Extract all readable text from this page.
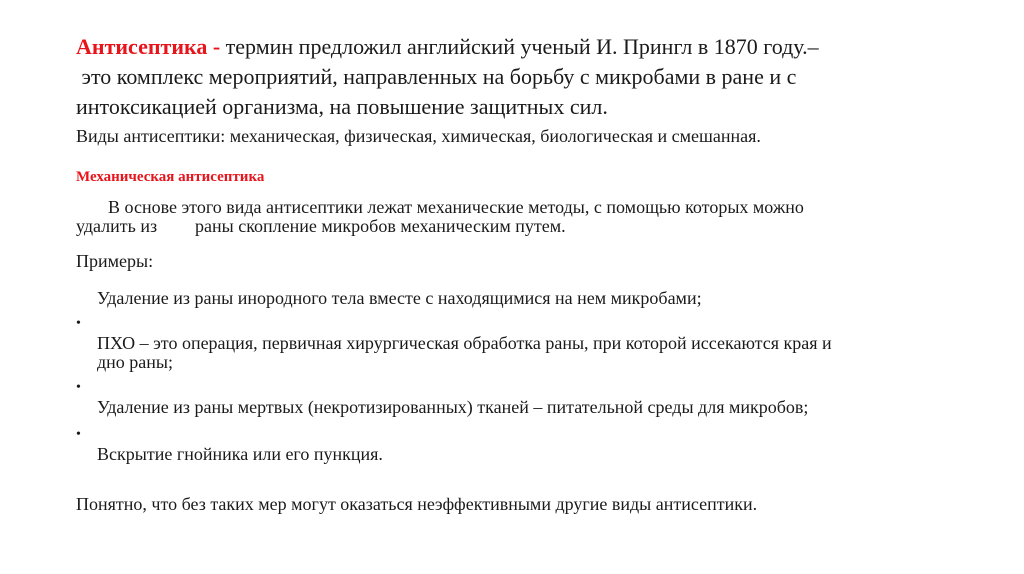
Антисептика - термин предложил английский ученый И. Прингл в 1870 году.–
это комплекс мероприятий, направленных на борьбу с микробами в ране и с
интоксикацией организма, на повышение защитных сил.
Виды антисептики: механическая, физическая, химическая, биологическая и смешанная.
Механическая антисептика
В основе этого вида антисептики лежат механические методы, с помощью которых можно
удалить из раны скопление микробов механическим путем.
Примеры:
Удаление из раны инородного тела вместе с находящимися на нем микробами;
•
ПХО – это операция, первичная хирургическая обработка раны, при которой иссекаются края и
дно раны;
•
Удаление из раны мертвых (некротизированных) тканей – питательной среды для микробов;
•
Вскрытие гнойника или его пункция.
Понятно, что без таких мер могут оказаться неэффективными другие виды антисептики.
